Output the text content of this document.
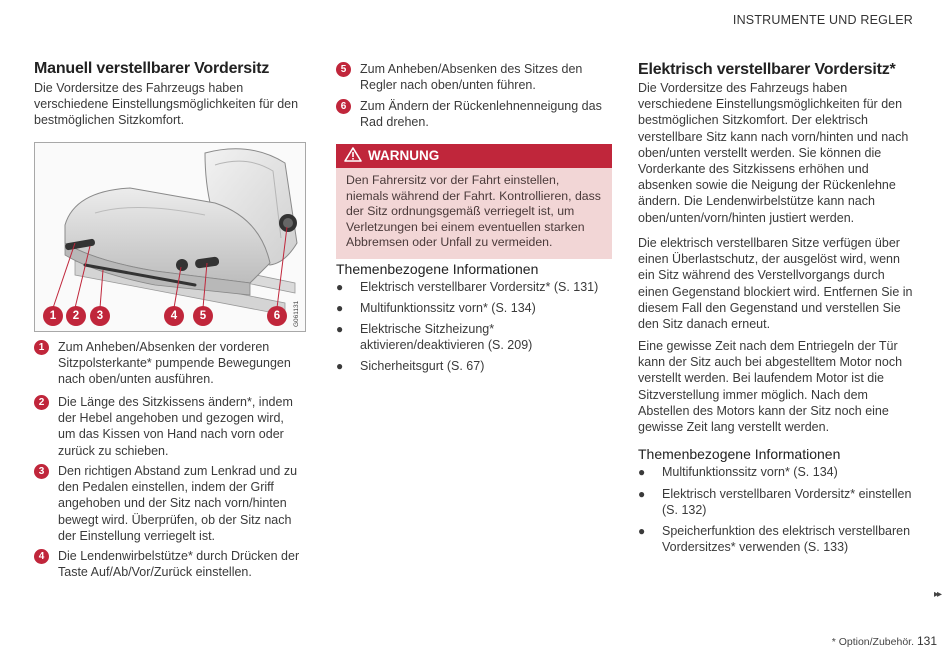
INSTRUMENTE UND REGLER
Manuell verstellbarer Vordersitz

Die Vordersitze des Fahrzeugs haben verschiedene Einstellungsmöglichkeiten für den bestmöglichen Sitzkomfort.

1	2	3	4	5	6	G061131
1	Zum Anheben/Absenken der vorderen Sitzpolsterkante* pumpende Bewegungen nach oben/unten ausführen.
2	Die Länge des Sitzkissens ändern*, indem der Hebel angehoben und gezogen wird, um das Kissen von Hand nach vorn oder zurück zu schieben.
3	Den richtigen Abstand zum Lenkrad und zu den Pedalen einstellen, indem der Griff angehoben und der Sitz nach vorn/hinten bewegt wird. Überprüfen, ob der Sitz nach der Einstellung verriegelt ist.
4	Die Lendenwirbelstütze* durch Drücken der Taste Auf/Ab/Vor/Zurück einstellen.
5	Zum Anheben/Absenken des Sitzes den Regler nach oben/unten führen.
6	Zum Ändern der Rückenlehnenneigung das Rad drehen.
WARNUNG
Den Fahrersitz vor der Fahrt einstellen, niemals während der Fahrt. Kontrollieren, dass der Sitz ordnungsgemäß verriegelt ist, um Verletzungen bei einem eventuellen starken Abbremsen oder Unfall zu vermeiden.
Themenbezogene Informationen
●	Elektrisch verstellbarer Vordersitz* (S. 131)
●	Multifunktionssitz vorn* (S. 134)
●	Elektrische Sitzheizung* aktivieren/deaktivieren (S. 209)
●	Sicherheitsgurt (S. 67)
Elektrisch verstellbarer Vordersitz*

Die Vordersitze des Fahrzeugs haben verschiedene Einstellungsmöglichkeiten für den bestmöglichen Sitzkomfort. Der elektrisch verstellbare Sitz kann nach vorn/hinten und nach oben/unten verstellt werden. Sie können die Vorderkante des Sitzkissens erhöhen und absenken sowie die Neigung der Rückenlehne ändern. Die Lendenwirbelstütze kann nach oben/unten/vorn/hinten justiert werden.

Die elektrisch verstellbaren Sitze verfügen über einen Überlastschutz, der ausgelöst wird, wenn ein Sitz während des Verstellvorgangs durch einen Gegenstand blockiert wird. Entfernen Sie in diesem Fall den Gegenstand und verstellen Sie den Sitz danach erneut.

Eine gewisse Zeit nach dem Entriegeln der Tür kann der Sitz auch bei abgestelltem Motor noch verstellt werden. Bei laufendem Motor ist die Sitzverstellung immer möglich. Nach dem Abstellen des Motors kann der Sitz noch eine gewisse Zeit lang verstellt werden.

Themenbezogene Informationen
●	Multifunktionssitz vorn* (S. 134)
●	Elektrisch verstellbaren Vordersitz* einstellen (S. 132)
●	Speicherfunktion des elektrisch verstellbaren Vordersitzes* verwenden (S. 133)
▸▸
* Option/Zubehör. 131
